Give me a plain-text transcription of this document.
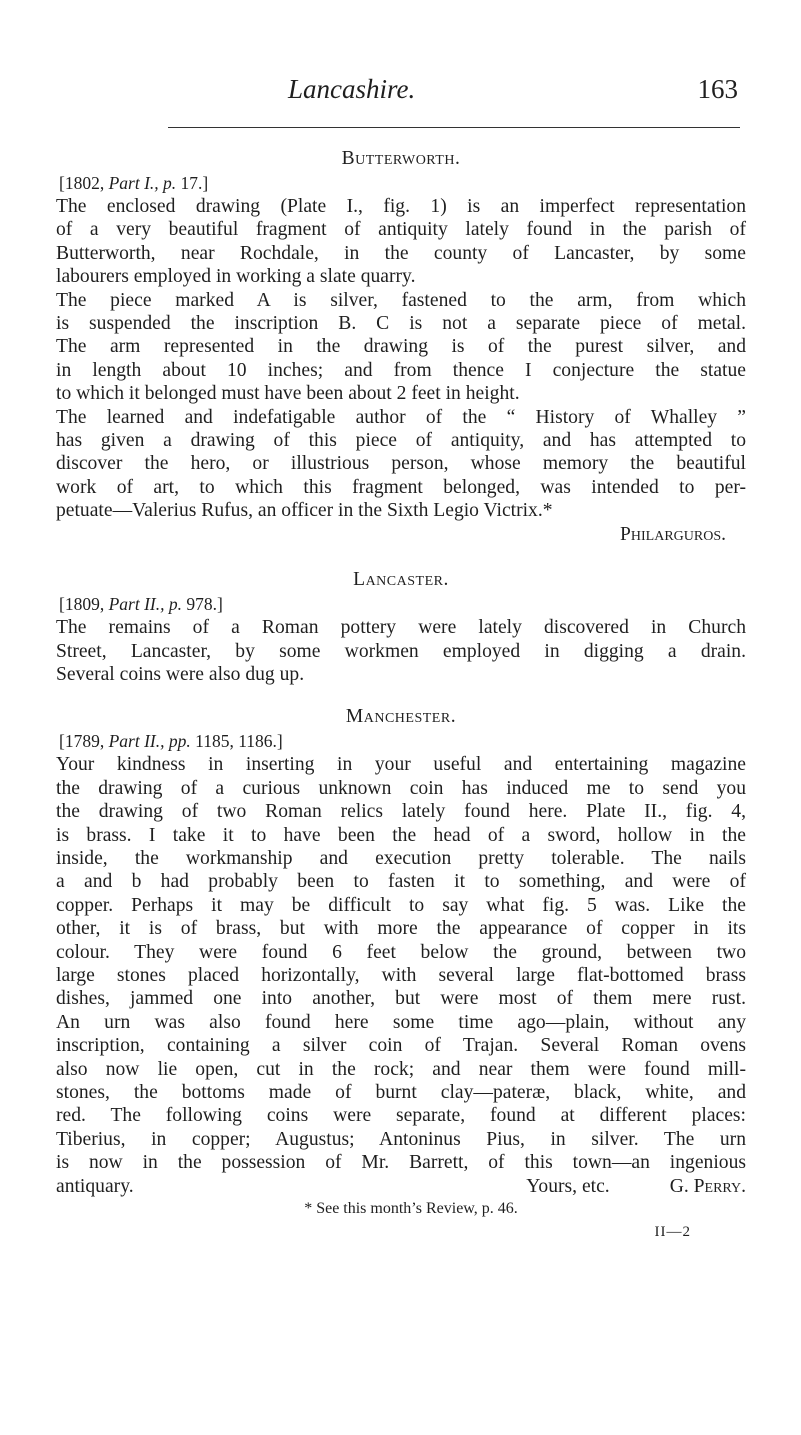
Lancashire.	163
Butterworth.
[1802, Part I., p. 17.]
The enclosed drawing (Plate I., fig. 1) is an imperfect representation
of a very beautiful fragment of antiquity lately found in the parish of
Butterworth, near Rochdale, in the county of Lancaster, by some
labourers employed in working a slate quarry.
The piece marked A is silver, fastened to the arm, from which
is suspended the inscription B. C is not a separate piece of metal.
The arm represented in the drawing is of the purest silver, and
in length about 10 inches; and from thence I conjecture the statue
to which it belonged must have been about 2 feet in height.
The learned and indefatigable author of the “ History of Whalley ”
has given a drawing of this piece of antiquity, and has attempted to
discover the hero, or illustrious person, whose memory the beautiful
work of art, to which this fragment belonged, was intended to per-
petuate—Valerius Rufus, an officer in the Sixth Legio Victrix.*
Philarguros.
Lancaster.
[1809, Part II., p. 978.]
The remains of a Roman pottery were lately discovered in Church
Street, Lancaster, by some workmen employed in digging a drain.
Several coins were also dug up.
Manchester.
[1789, Part II., pp. 1185, 1186.]
Your kindness in inserting in your useful and entertaining magazine
the drawing of a curious unknown coin has induced me to send you
the drawing of two Roman relics lately found here. Plate II., fig. 4,
is brass. I take it to have been the head of a sword, hollow in the
inside, the workmanship and execution pretty tolerable. The nails
a and b had probably been to fasten it to something, and were of
copper. Perhaps it may be difficult to say what fig. 5 was. Like the
other, it is of brass, but with more the appearance of copper in its
colour. They were found 6 feet below the ground, between two
large stones placed horizontally, with several large flat-bottomed brass
dishes, jammed one into another, but were most of them mere rust.
An urn was also found here some time ago—plain, without any
inscription, containing a silver coin of Trajan. Several Roman ovens
also now lie open, cut in the rock; and near them were found mill-
stones, the bottoms made of burnt clay—pateræ, black, white, and
red. The following coins were separate, found at different places:
Tiberius, in copper; Augustus; Antoninus Pius, in silver. The urn
is now in the possession of Mr. Barrett, of this town—an ingenious
antiquary.	Yours, etc.	G. Perry.
* See this month’s Review, p. 46.
II—2
